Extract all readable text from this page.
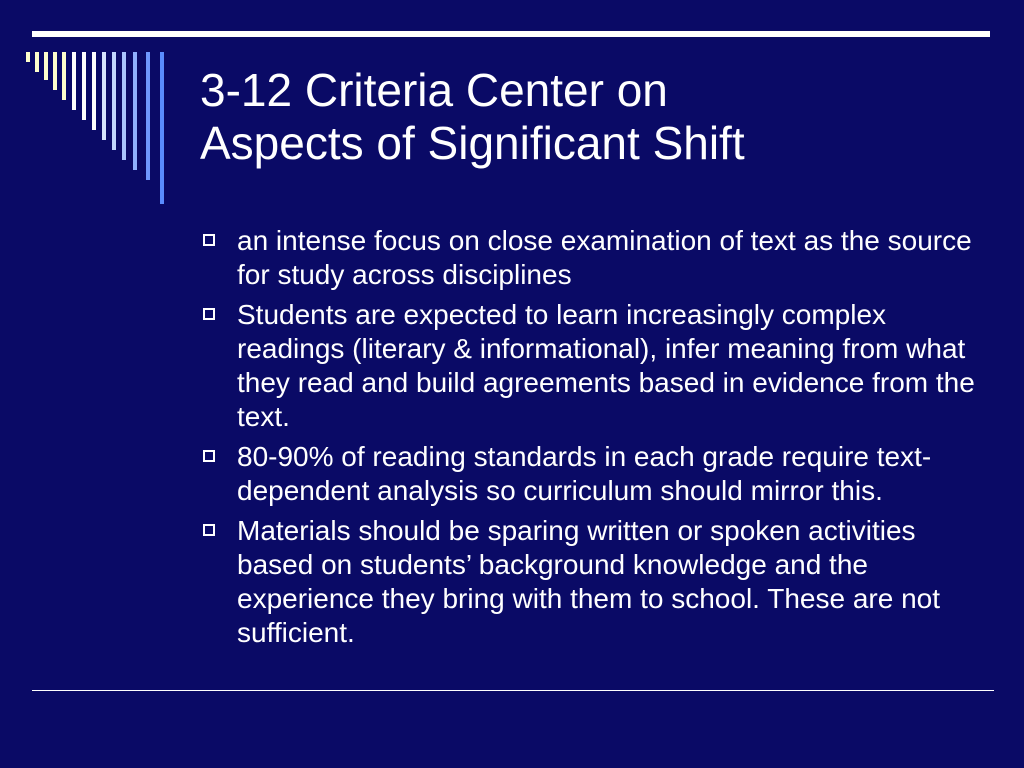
3-12 Criteria Center on
Aspects of Significant Shift
an intense focus on close examination of text as the source for study across disciplines
Students are expected to learn increasingly complex readings (literary & informational), infer meaning from what they read and build agreements based in evidence from the text.
80-90% of reading standards in each grade require text-dependent analysis so curriculum should mirror this.
Materials should be sparing written or spoken activities based on students’ background knowledge and the experience they bring with them to school. These are not sufficient.
